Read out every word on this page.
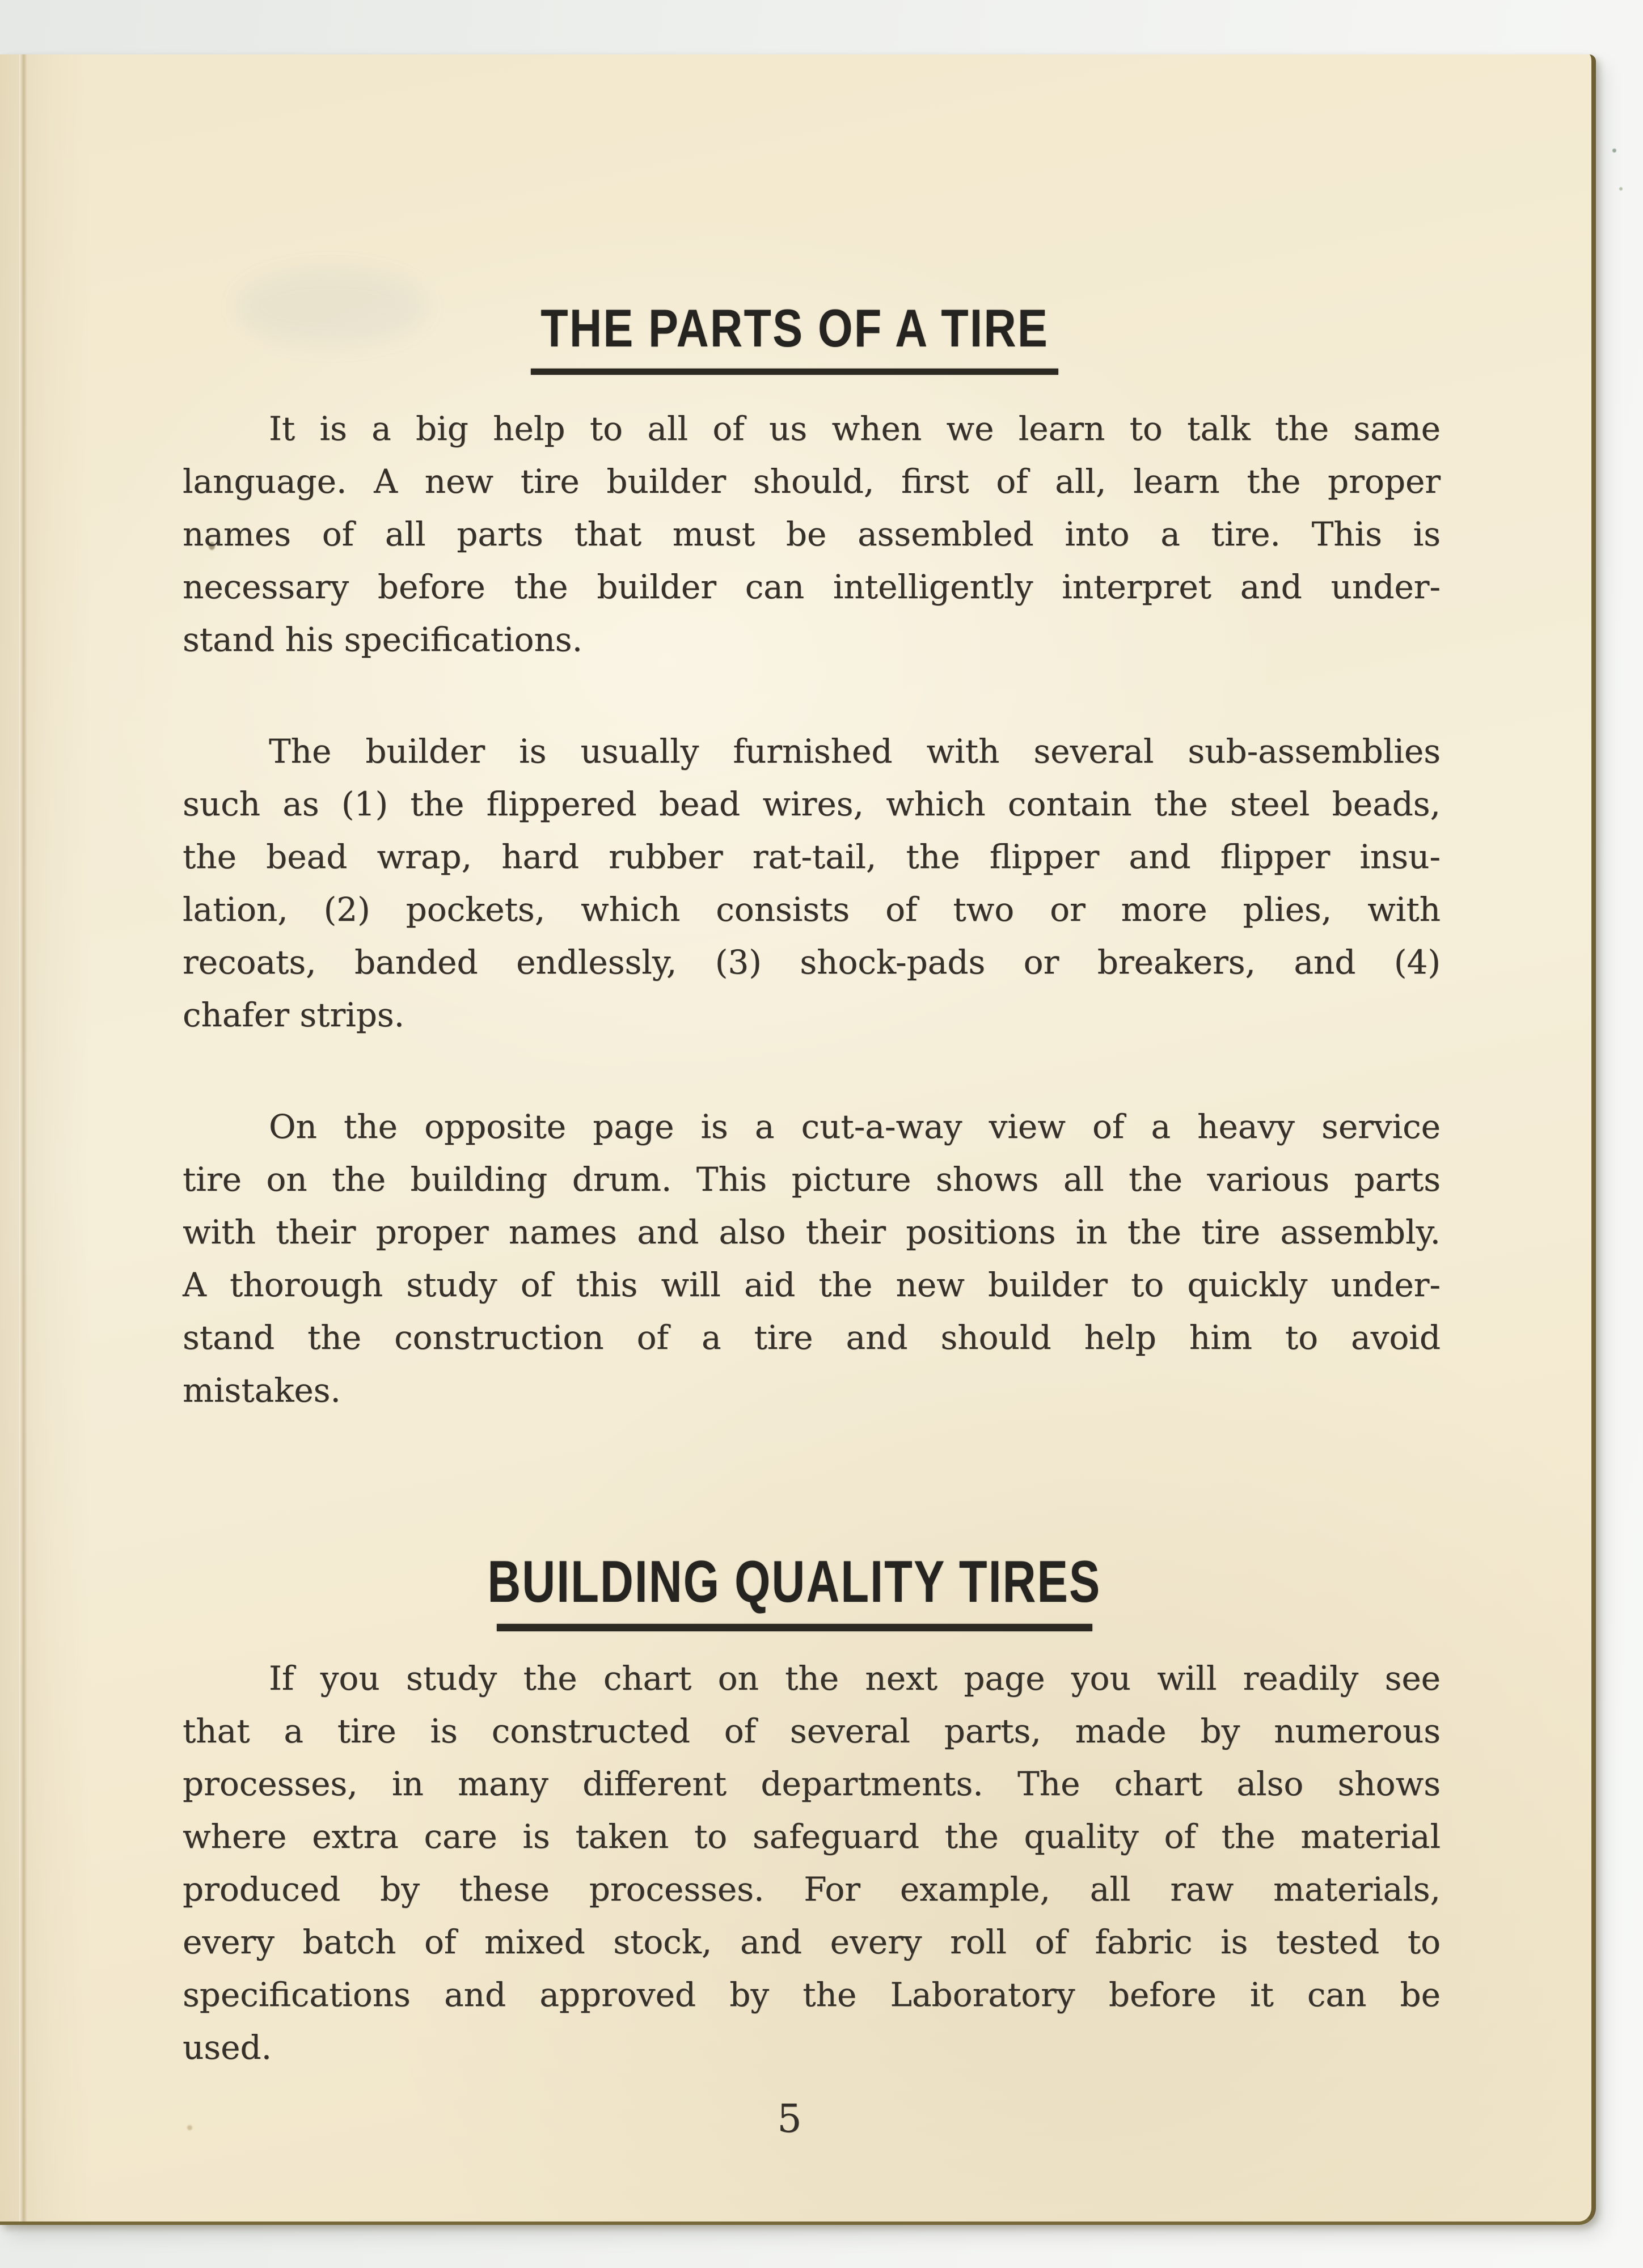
THE PARTS OF A TIRE
It is a big help to all of us when we learn to talk the same
language. A new tire builder should, first of all, learn the proper
names of all parts that must be assembled into a tire. This is
necessary before the builder can intelligently interpret and under-
stand his specifications.
The builder is usually furnished with several sub-assemblies
such as (1) the flippered bead wires, which contain the steel beads,
the bead wrap, hard rubber rat-tail, the flipper and flipper insu-
lation, (2) pockets, which consists of two or more plies, with
recoats, banded endlessly, (3) shock-pads or breakers, and (4)
chafer strips.
On the opposite page is a cut-a-way view of a heavy service
tire on the building drum. This picture shows all the various parts
with their proper names and also their positions in the tire assembly.
A thorough study of this will aid the new builder to quickly under-
stand the construction of a tire and should help him to avoid
mistakes.
BUILDING QUALITY TIRES
If you study the chart on the next page you will readily see
that a tire is constructed of several parts, made by numerous
processes, in many different departments. The chart also shows
where extra care is taken to safeguard the quality of the material
produced by these processes. For example, all raw materials,
every batch of mixed stock, and every roll of fabric is tested to
specifications and approved by the Laboratory before it can be
used.
5
